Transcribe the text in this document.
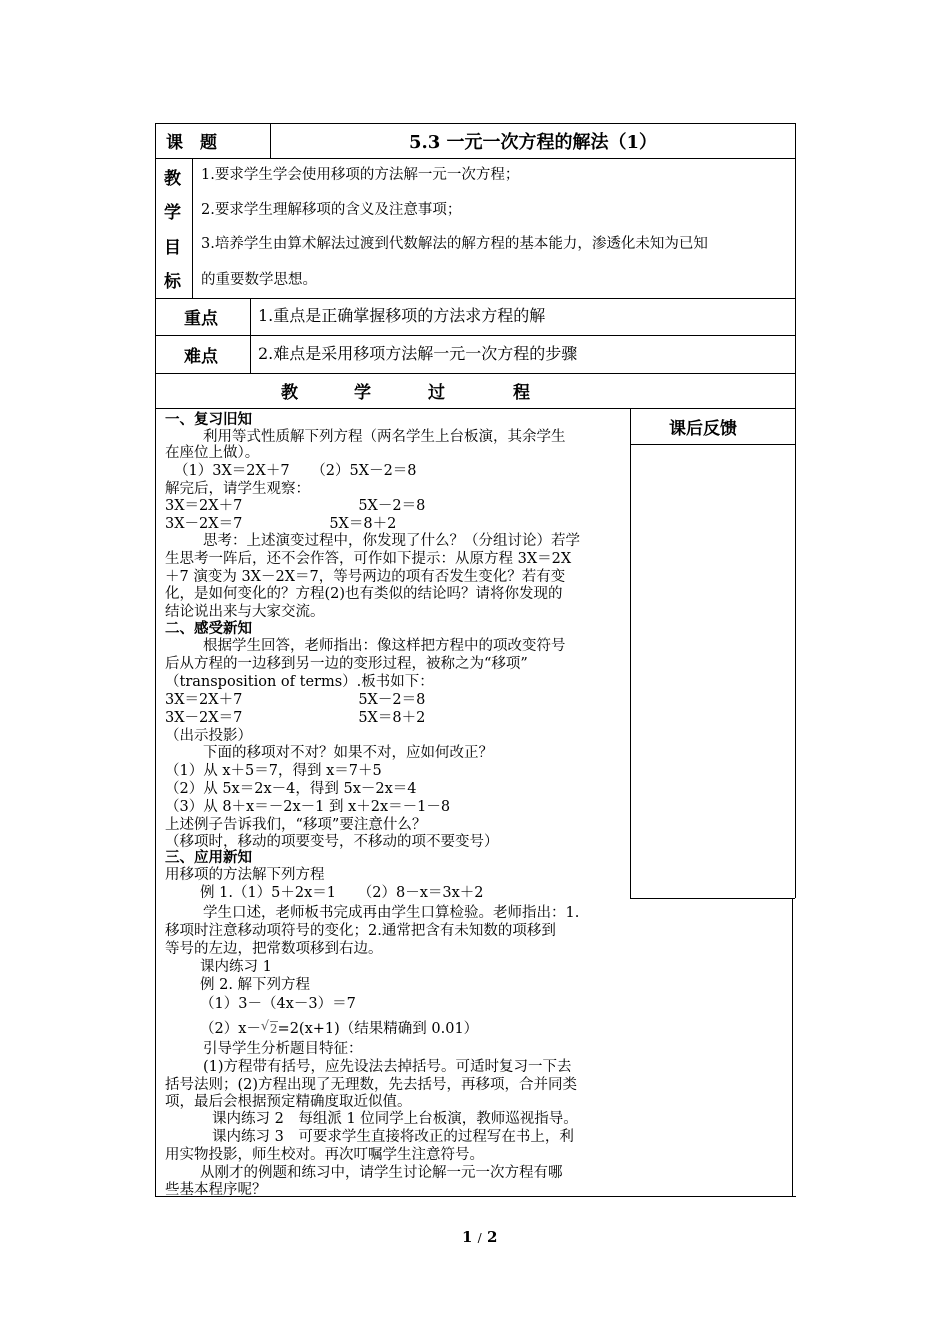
课　题	5.3 一元一次方程的解法（1）
教
学
目
标
1.要求学生学会使用移项的方法解一元一次方程；
2.要求学生理解移项的含义及注意事项；
3.培养学生由算术解法过渡到代数解法的解方程的基本能力，渗透化未知为已知
的重要数学思想。
重点	1.重点是正确掌握移项的方法求方程的解
难点	2.难点是采用移项方法解一元一次方程的步骤
教	学	过	程
课后反馈
一、复习旧知
利用等式性质解下列方程（两名学生上台板演，其余学生
在座位上做）。
（1）3X＝2X＋7　　（2）5X－2＝8
解完后，请学生观察：
3X＝2X＋7　　　　　　　　5X－2＝8
3X－2X＝7　　　　　　5X＝8＋2
思考：上述演变过程中，你发现了什么？（分组讨论）若学
生思考一阵后，还不会作答，可作如下提示：从原方程 3X＝2X
＋7 演变为 3X－2X＝7，等号两边的项有否发生变化？若有变
化，是如何变化的？方程(2)也有类似的结论吗？请将你发现的
结论说出来与大家交流。
二、感受新知
根据学生回答，老师指出：像这样把方程中的项改变符号
后从方程的一边移到另一边的变形过程，被称之为“移项”
（transposition of terms）.板书如下：
3X＝2X＋7　　　　　　　　5X－2＝8
3X－2X＝7　　　　　　　　5X＝8＋2
（出示投影）
下面的移项对不对？如果不对，应如何改正？
（1）从 x＋5＝7，得到 x＝7＋5
（2）从 5x＝2x－4，得到 5x－2x＝4
（3）从 8＋x＝－2x－1 到 x＋2x＝－1－8
上述例子告诉我们，“移项”要注意什么？
（移项时，移动的项要变号，不移动的项不要变号）
三、应用新知
用移项的方法解下列方程
例 1.（1）5＋2x＝1　　（2）8－x＝3x＋2
学生口述，老师板书完成再由学生口算检验。老师指出：1.
移项时注意移动项符号的变化；2.通常把含有未知数的项移到
等号的左边，把常数项移到右边。
课内练习 1
例 2. 解下列方程
（1）3－（4x－3）＝7
（2）x－√ 2=2(x+1)（结果精确到 0.01）
引导学生分析题目特征：
(1)方程带有括号，应先设法去掉括号。可适时复习一下去
括号法则；(2)方程出现了无理数，先去括号，再移项，合并同类
项，最后会根据预定精确度取近似值。
课内练习 2　每组派 1 位同学上台板演，教师巡视指导。
课内练习 3　可要求学生直接将改正的过程写在书上，利
用实物投影，师生校对。再次叮嘱学生注意符号。
从刚才的例题和练习中，请学生讨论解一元一次方程有哪
些基本程序呢？
1 / 2
